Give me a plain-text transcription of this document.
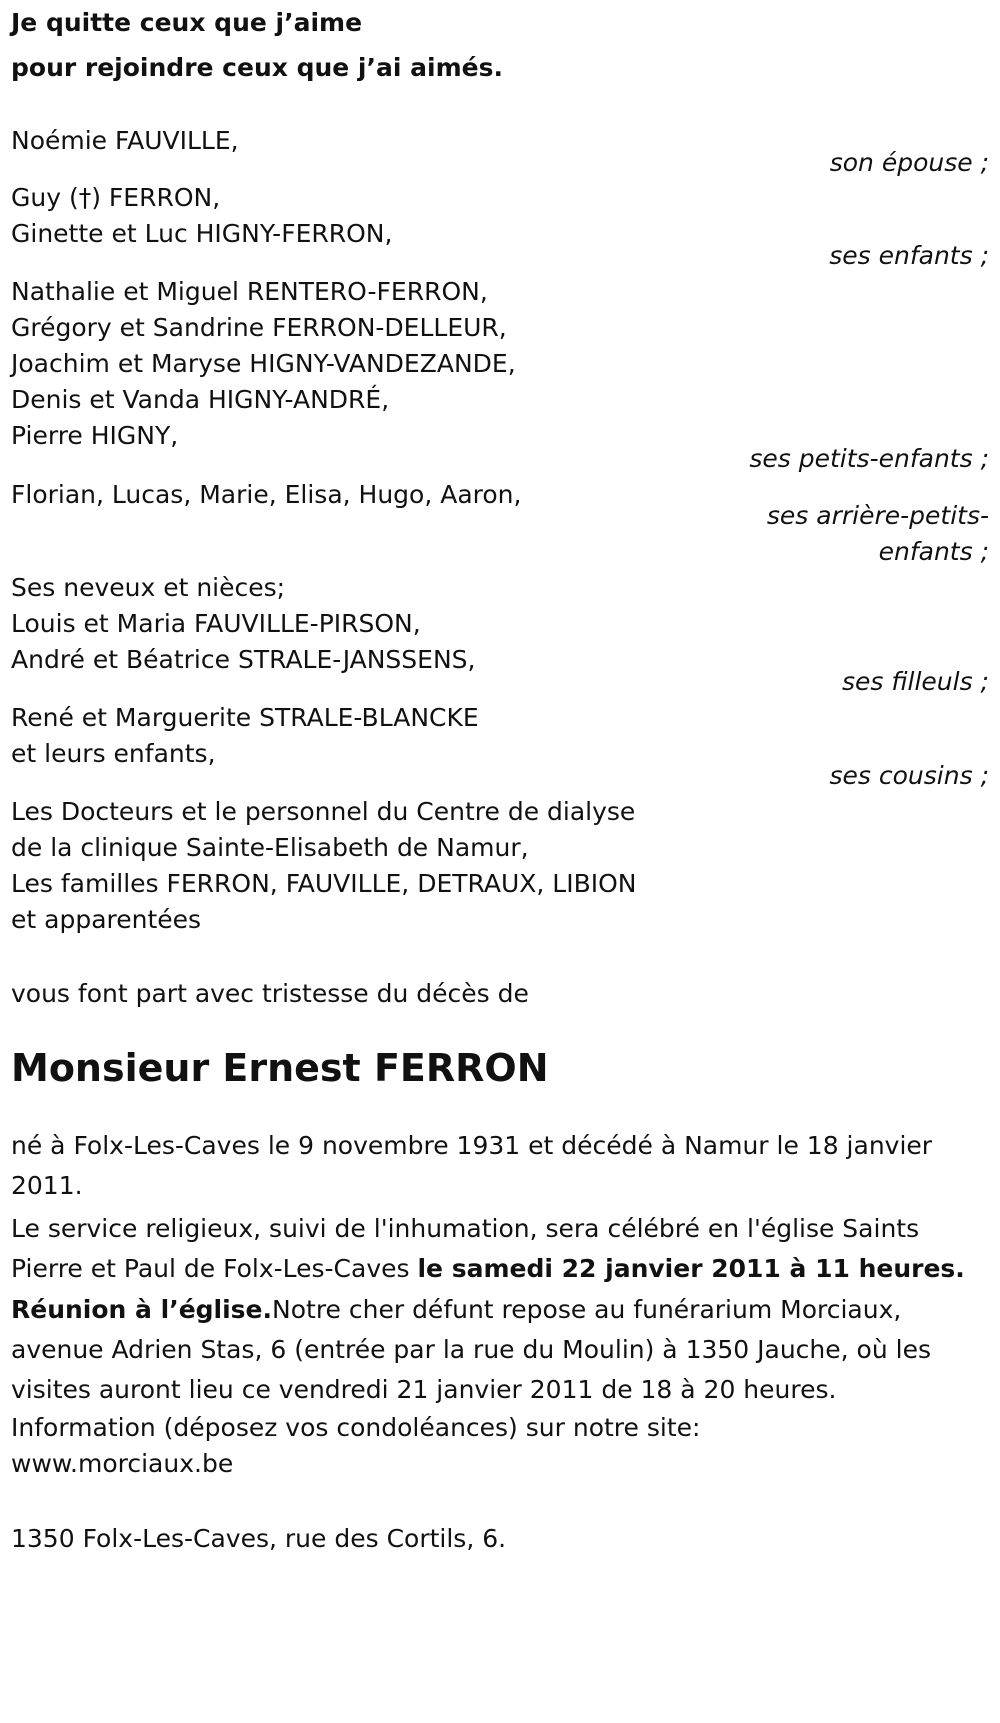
Je quitte ceux que j’aime
pour rejoindre ceux que j’ai aimés.
Noémie FAUVILLE,
son épouse ;
Guy (†) FERRON,
Ginette et Luc HIGNY-FERRON,
ses enfants ;
Nathalie et Miguel RENTERO-FERRON,
Grégory et Sandrine FERRON-DELLEUR,
Joachim et Maryse HIGNY-VANDEZANDE,
Denis et Vanda HIGNY-ANDRÉ,
Pierre HIGNY,
ses petits-enfants ;
Florian, Lucas, Marie, Elisa, Hugo, Aaron,
ses arrière-petits-
enfants ;
Ses neveux et nièces;
Louis et Maria FAUVILLE-PIRSON,
André et Béatrice STRALE-JANSSENS,
ses filleuls ;
René et Marguerite STRALE-BLANCKE
et leurs enfants,
ses cousins ;
Les Docteurs et le personnel du Centre de dialyse
de la clinique Sainte-Elisabeth de Namur,
Les familles FERRON, FAUVILLE, DETRAUX, LIBION
et apparentées
vous font part avec tristesse du décès de
Monsieur Ernest FERRON
né à Folx-Les-Caves le 9 novembre 1931 et décédé à Namur le 18 janvier 2011.
Le service religieux, suivi de l'inhumation, sera célébré en l'église Saints Pierre et Paul de Folx-Les-Caves le samedi 22 janvier 2011 à 11 heures.
Réunion à l’église.Notre cher défunt repose au funérarium Morciaux, avenue Adrien Stas, 6 (entrée par la rue du Moulin) à 1350 Jauche, où les visites auront lieu ce vendredi 21 janvier 2011 de 18 à 20 heures.
Information (déposez vos condoléances) sur notre site:
www.morciaux.be
1350 Folx-Les-Caves, rue des Cortils, 6.
